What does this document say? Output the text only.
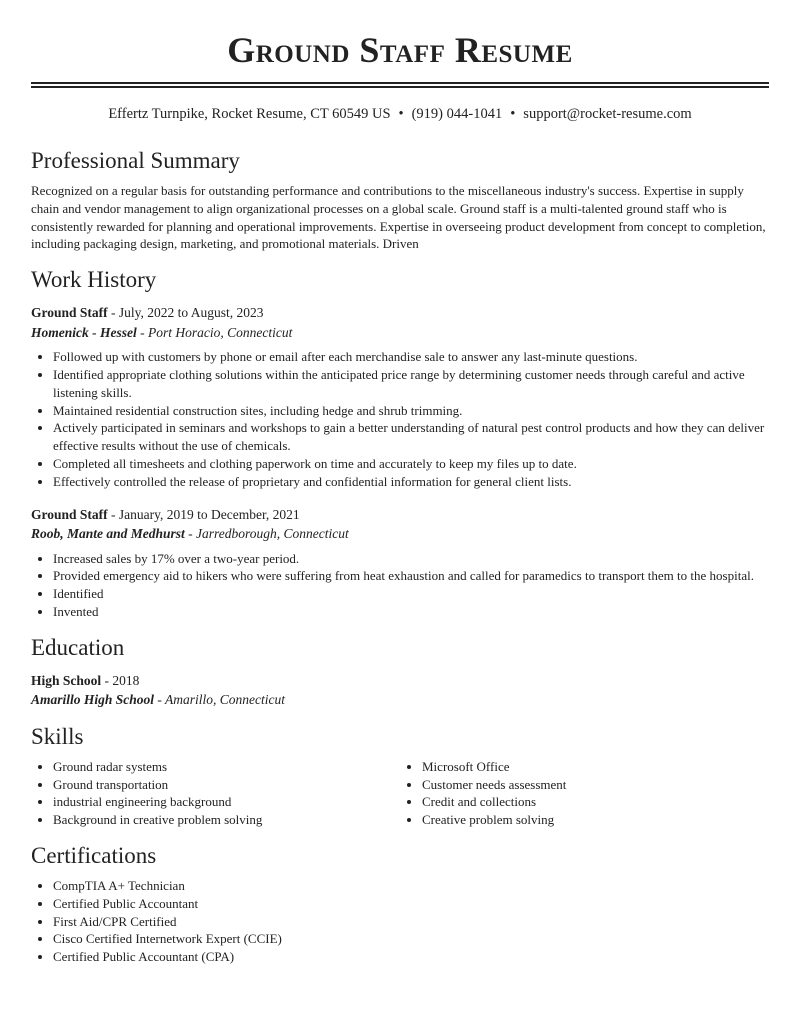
Ground Staff Resume
Effertz Turnpike, Rocket Resume, CT 60549 US • (919) 044-1041 • support@rocket-resume.com
Professional Summary

Recognized on a regular basis for outstanding performance and contributions to the miscellaneous industry's success. Expertise in supply chain and vendor management to align organizational processes on a global scale. Ground staff is a multi-talented ground staff who is consistently rewarded for planning and operational improvements. Expertise in overseeing product development from concept to completion, including packaging design, marketing, and promotional materials. Driven

Work History
Ground Staff - July, 2022 to August, 2023
Homenick - Hessel - Port Horacio, Connecticut
• Followed up with customers by phone or email after each merchandise sale to answer any last-minute questions.
• Identified appropriate clothing solutions within the anticipated price range by determining customer needs through careful and active listening skills.
• Maintained residential construction sites, including hedge and shrub trimming.
• Actively participated in seminars and workshops to gain a better understanding of natural pest control products and how they can deliver effective results without the use of chemicals.
• Completed all timesheets and clothing paperwork on time and accurately to keep my files up to date.
• Effectively controlled the release of proprietary and confidential information for general client lists.
Ground Staff - January, 2019 to December, 2021
Roob, Mante and Medhurst - Jarredborough, Connecticut
• Increased sales by 17% over a two-year period.
• Provided emergency aid to hikers who were suffering from heat exhaustion and called for paramedics to transport them to the hospital.
• Identified
• Invented
Education
High School - 2018
Amarillo High School - Amarillo, Connecticut
Skills
• Ground radar systems
• Ground transportation
• industrial engineering background
• Background in creative problem solving
• Microsoft Office
• Customer needs assessment
• Credit and collections
• Creative problem solving
Certifications
• CompTIA A+ Technician
• Certified Public Accountant
• First Aid/CPR Certified
• Cisco Certified Internetwork Expert (CCIE)
• Certified Public Accountant (CPA)
